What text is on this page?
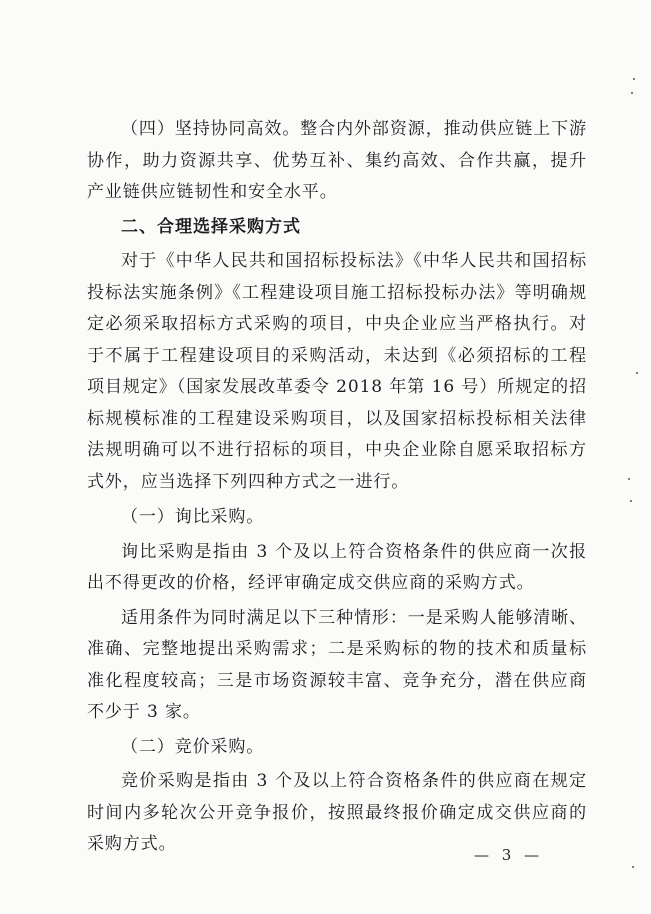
（四）坚持协同高效。整合内外部资源，推动供应链上下游协作，助力资源共享、优势互补、集约高效、合作共赢，提升产业链供应链韧性和安全水平。

二、合理选择采购方式

对于《中华人民共和国招标投标法》《中华人民共和国招标投标法实施条例》《工程建设项目施工招标投标办法》等明确规定必须采取招标方式采购的项目，中央企业应当严格执行。对于不属于工程建设项目的采购活动，未达到《必须招标的工程项目规定》（国家发展改革委令 2018 年第 16 号）所规定的招标规模标准的工程建设采购项目，以及国家招标投标相关法律法规明确可以不进行招标的项目，中央企业除自愿采取招标方式外，应当选择下列四种方式之一进行。

（一）询比采购。

询比采购是指由 3 个及以上符合资格条件的供应商一次报出不得更改的价格，经评审确定成交供应商的采购方式。

适用条件为同时满足以下三种情形：一是采购人能够清晰、准确、完整地提出采购需求；二是采购标的物的技术和质量标准化程度较高；三是市场资源较丰富、竞争充分，潜在供应商不少于 3 家。

（二）竞价采购。

竞价采购是指由 3 个及以上符合资格条件的供应商在规定时间内多轮次公开竞争报价，按照最终报价确定成交供应商的采购方式。

— 3 —
